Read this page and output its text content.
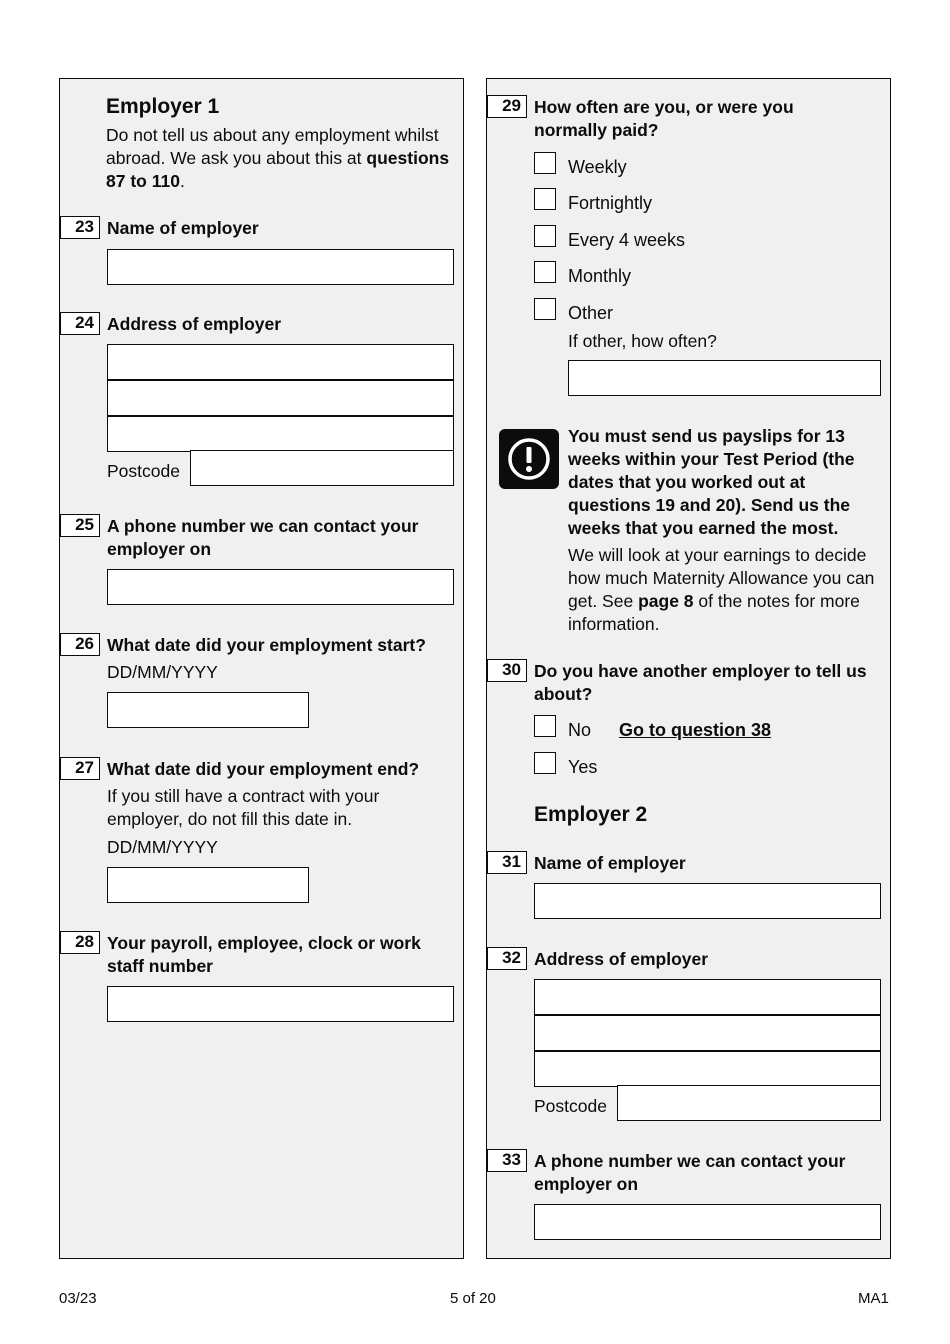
Employer 1
Do not tell us about any employment whilst abroad. We ask you about this at questions 87 to 110.
23 Name of employer
24 Address of employer
Postcode
25 A phone number we can contact your employer on
26 What date did your employment start?
DD/MM/YYYY
27 What date did your employment end?
If you still have a contract with your employer, do not fill this date in.
DD/MM/YYYY
28 Your payroll, employee, clock or work staff number
29 How often are you, or were you normally paid?
Weekly
Fortnightly
Every 4 weeks
Monthly
Other
If other, how often?
You must send us payslips for 13 weeks within your Test Period (the dates that you worked out at questions 19 and 20). Send us the weeks that you earned the most.
We will look at your earnings to decide how much Maternity Allowance you can get. See page 8 of the notes for more information.
30 Do you have another employer to tell us about?
No Go to question 38
Yes
Employer 2
31 Name of employer
32 Address of employer
Postcode
33 A phone number we can contact your employer on
03/23	5 of 20	MA1
